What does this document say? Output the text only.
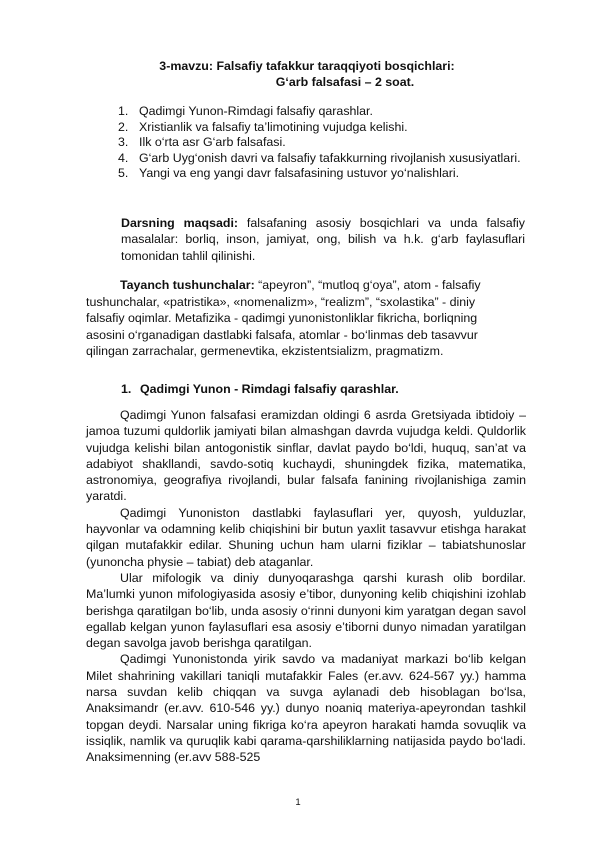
3-mavzu: Falsafiy tafakkur taraqqiyoti bosqichlari:
G‘arb falsafasi – 2 soat.
1. Qadimgi Yunon-Rimdagi falsafiy qarashlar.
2. Xristianlik va falsafiy ta’limotining vujudga kelishi.
3. Ilk o‘rta asr G‘arb falsafasi.
4. G‘arb Uyg‘onish davri va falsafiy tafakkurning rivojlanish xususiyatlari.
5. Yangi va eng yangi davr falsafasining ustuvor yo‘nalishlari.
Darsning maqsadi: falsafaning asosiy bosqichlari va unda falsafiy masalalar: borliq, inson, jamiyat, ong, bilish va h.k. g‘arb faylasuflari tomonidan tahlil qilinishi.
Tayanch tushunchalar: “apeyron”, “mutloq g‘oya”, atom - falsafiy
tushunchalar, «patristika», «nomenalizm», “realizm”, “sxolastika” - diniy
falsafiy oqimlar. Metafizika - qadimgi yunonistonliklar fikricha, borliqning
asosini o‘rganadigan dastlabki falsafa, atomlar - bo‘linmas deb tasavvur
qilingan zarrachalar, germenevtika, ekzistentsializm, pragmatizm.
1. Qadimgi Yunon - Rimdagi falsafiy qarashlar.

Qadimgi Yunon falsafasi eramizdan oldingi 6 asrda Gretsiyada ibtidoiy – jamoa tuzumi quldorlik jamiyati bilan almashgan davrda vujudga keldi. Quldorlik vujudga kelishi bilan antogonistik sinflar, davlat paydo bo‘ldi, huquq, san’at va adabiyot shakllandi, savdo-sotiq kuchaydi, shuningdek fizika, matematika, astronomiya, geografiya rivojlandi, bular falsafa fanining rivojlanishiga zamin yaratdi.

Qadimgi Yunoniston dastlabki faylasuflari yer, quyosh, yulduzlar, hayvonlar va odamning kelib chiqishini bir butun yaxlit tasavvur etishga harakat qilgan mutafakkir edilar. Shuning uchun ham ularni fiziklar – tabiatshunoslar (yunoncha physie – tabiat) deb ataganlar.

Ular mifologik va diniy dunyoqarashga qarshi kurash olib bordilar. Ma’lumki yunon mifologiyasida asosiy e’tibor, dunyoning kelib chiqishini izohlab berishga qaratilgan bo‘lib, unda asosiy o‘rinni dunyoni kim yaratgan degan savol egallab kelgan yunon faylasuflari esa asosiy e’tiborni dunyo nimadan yaratilgan degan savolga javob berishga qaratilgan.

Qadimgi Yunonistonda yirik savdo va madaniyat markazi bo‘lib kelgan Milet shahrining vakillari taniqli mutafakkir Fales (er.avv. 624-567 yy.) hamma narsa suvdan kelib chiqqan va suvga aylanadi deb hisoblagan bo‘lsa, Anaksimandr (er.avv. 610-546 yy.) dunyo noaniq materiya-apeyrondan tashkil topgan deydi. Narsalar uning fikriga ko‘ra apeyron harakati hamda sovuqlik va issiqlik, namlik va quruqlik kabi qarama-qarshiliklarning natijasida paydo bo‘ladi. Anaksimenning (er.avv 588-525

1
